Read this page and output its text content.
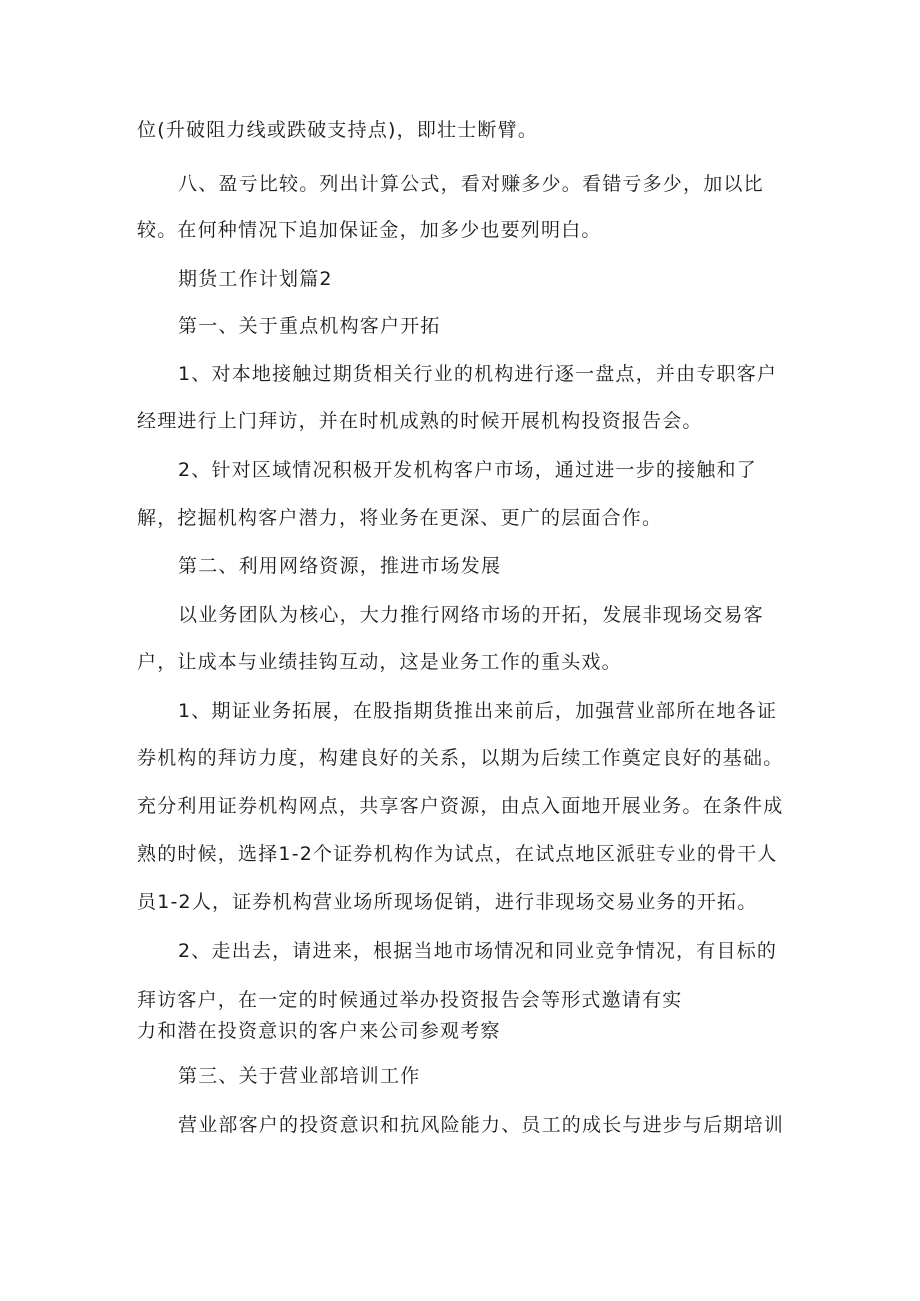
位(升破阻力线或跌破支持点)，即壮士断臂。
八、盈亏比较。列出计算公式，看对赚多少。看错亏多少，加以比
较。在何种情况下追加保证金，加多少也要列明白。
期货工作计划篇2
第一、关于重点机构客户开拓
1、对本地接触过期货相关行业的机构进行逐一盘点，并由专职客户
经理进行上门拜访，并在时机成熟的时候开展机构投资报告会。
2、针对区域情况积极开发机构客户市场，通过进一步的接触和了
解，挖掘机构客户潜力，将业务在更深、更广的层面合作。
第二、利用网络资源，推进市场发展
以业务团队为核心，大力推行网络市场的开拓，发展非现场交易客
户，让成本与业绩挂钩互动，这是业务工作的重头戏。
1、期证业务拓展，在股指期货推出来前后，加强营业部所在地各证
券机构的拜访力度，构建良好的关系，以期为后续工作奠定良好的基础。
充分利用证券机构网点，共享客户资源，由点入面地开展业务。在条件成
熟的时候，选择1-2个证券机构作为试点，在试点地区派驻专业的骨干人
员1-2人，证券机构营业场所现场促销，进行非现场交易业务的开拓。
2、走出去，请进来，根据当地市场情况和同业竞争情况，有目标的
拜访客户，在一定的时候通过举办投资报告会等形式邀请有实
力和潜在投资意识的客户来公司参观考察
第三、关于营业部培训工作
营业部客户的投资意识和抗风险能力、员工的成长与进步与后期培训
